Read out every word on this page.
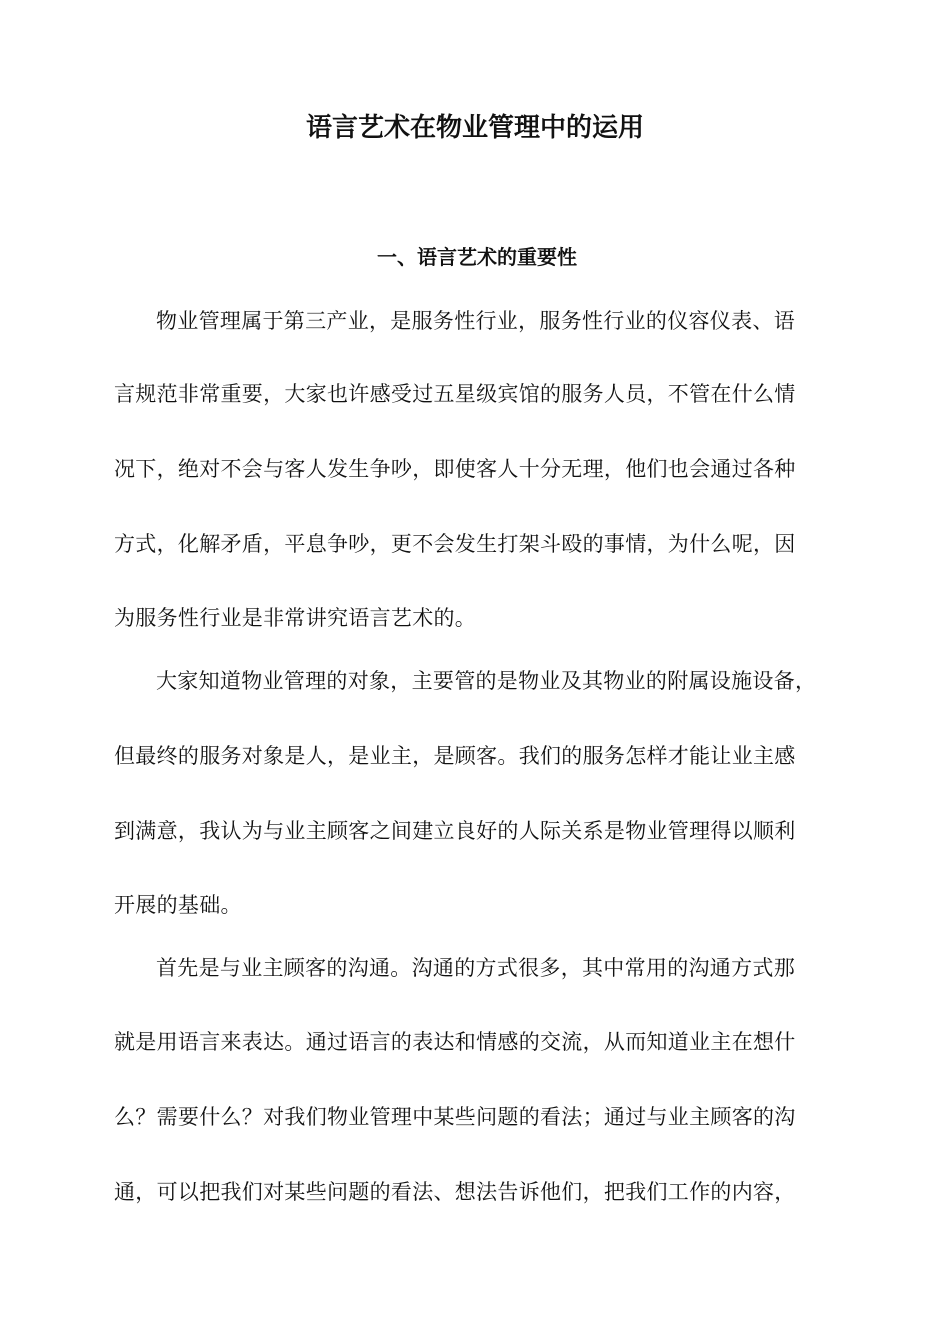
语言艺术在物业管理中的运用
一、语言艺术的重要性

物业管理属于第三产业，是服务性行业，服务性行业的仪容仪表、语

言规范非常重要，大家也许感受过五星级宾馆的服务人员，不管在什么情

况下，绝对不会与客人发生争吵，即使客人十分无理，他们也会通过各种

方式，化解矛盾，平息争吵，更不会发生打架斗殴的事情，为什么呢，因

为服务性行业是非常讲究语言艺术的。

大家知道物业管理的对象，主要管的是物业及其物业的附属设施设备，

但最终的服务对象是人，是业主，是顾客。我们的服务怎样才能让业主感

到满意，我认为与业主顾客之间建立良好的人际关系是物业管理得以顺利

开展的基础。

首先是与业主顾客的沟通。沟通的方式很多，其中常用的沟通方式那

就是用语言来表达。通过语言的表达和情感的交流，从而知道业主在想什

么？需要什么？对我们物业管理中某些问题的看法；通过与业主顾客的沟

通，可以把我们对某些问题的看法、想法告诉他们，把我们工作的内容，
